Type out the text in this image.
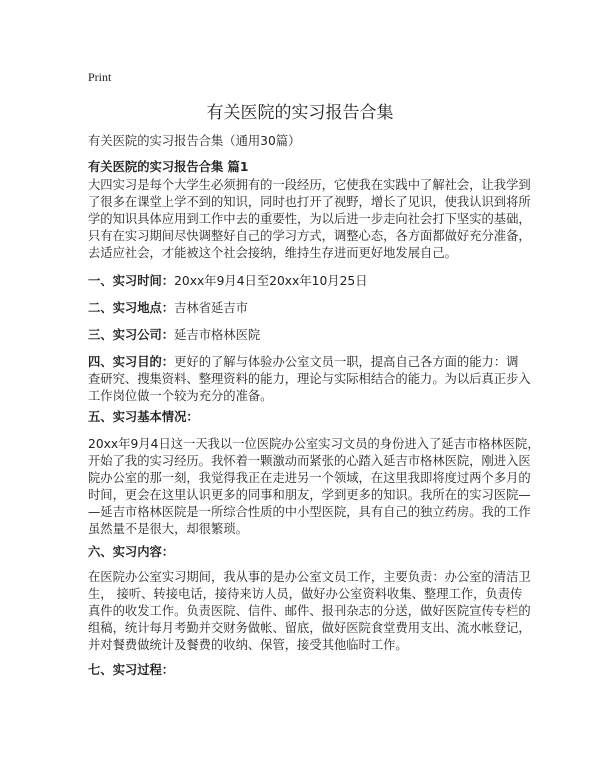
Print
有关医院的实习报告合集
有关医院的实习报告合集（通用30篇）
有关医院的实习报告合集 篇1
大四实习是每个大学生必须拥有的一段经历，它使我在实践中了解社会，让我学到
了很多在课堂上学不到的知识，同时也打开了视野，增长了见识，使我认识到将所
学的知识具体应用到工作中去的重要性，为以后进一步走向社会打下坚实的基础，
只有在实习期间尽快调整好自己的学习方式，调整心态，各方面都做好充分准备，
去适应社会，才能被这个社会接纳，维持生存进而更好地发展自己。
一、实习时间：20xx年9月4日至20xx年10月25日
二、实习地点：吉林省延吉市
三、实习公司：延吉市格林医院
四、实习目的：更好的了解与体验办公室文员一职，提高自己各方面的能力：调
查研究、搜集资料、整理资料的能力，理论与实际相结合的能力。为以后真正步入
工作岗位做一个较为充分的准备。
五、实习基本情况：
20xx年9月4日这一天我以一位医院办公室实习文员的身份进入了延吉市格林医院，
开始了我的实习经历。我怀着一颗激动而紧张的心踏入延吉市格林医院，刚进入医
院办公室的那一刻，我觉得我正在走进另一个领域，在这里我即将度过两个多月的
时间，更会在这里认识更多的同事和朋友，学到更多的知识。我所在的实习医院—
—延吉市格林医院是一所综合性质的中小型医院，具有自己的独立药房。我的工作
虽然量不是很大，却很繁琐。
六、实习内容：
在医院办公室实习期间，我从事的是办公室文员工作，主要负责：办公室的清洁卫
生， 接听、转接电话，接待来访人员，做好办公室资料收集、整理工作，负责传
真件的收发工作。负责医院、信件、邮件、报刊杂志的分送，做好医院宣传专栏的
组稿，统计每月考勤并交财务做帐、留底，做好医院食堂费用支出、流水帐登记，
并对餐费做统计及餐费的收纳、保管，接受其他临时工作。
七、实习过程：
